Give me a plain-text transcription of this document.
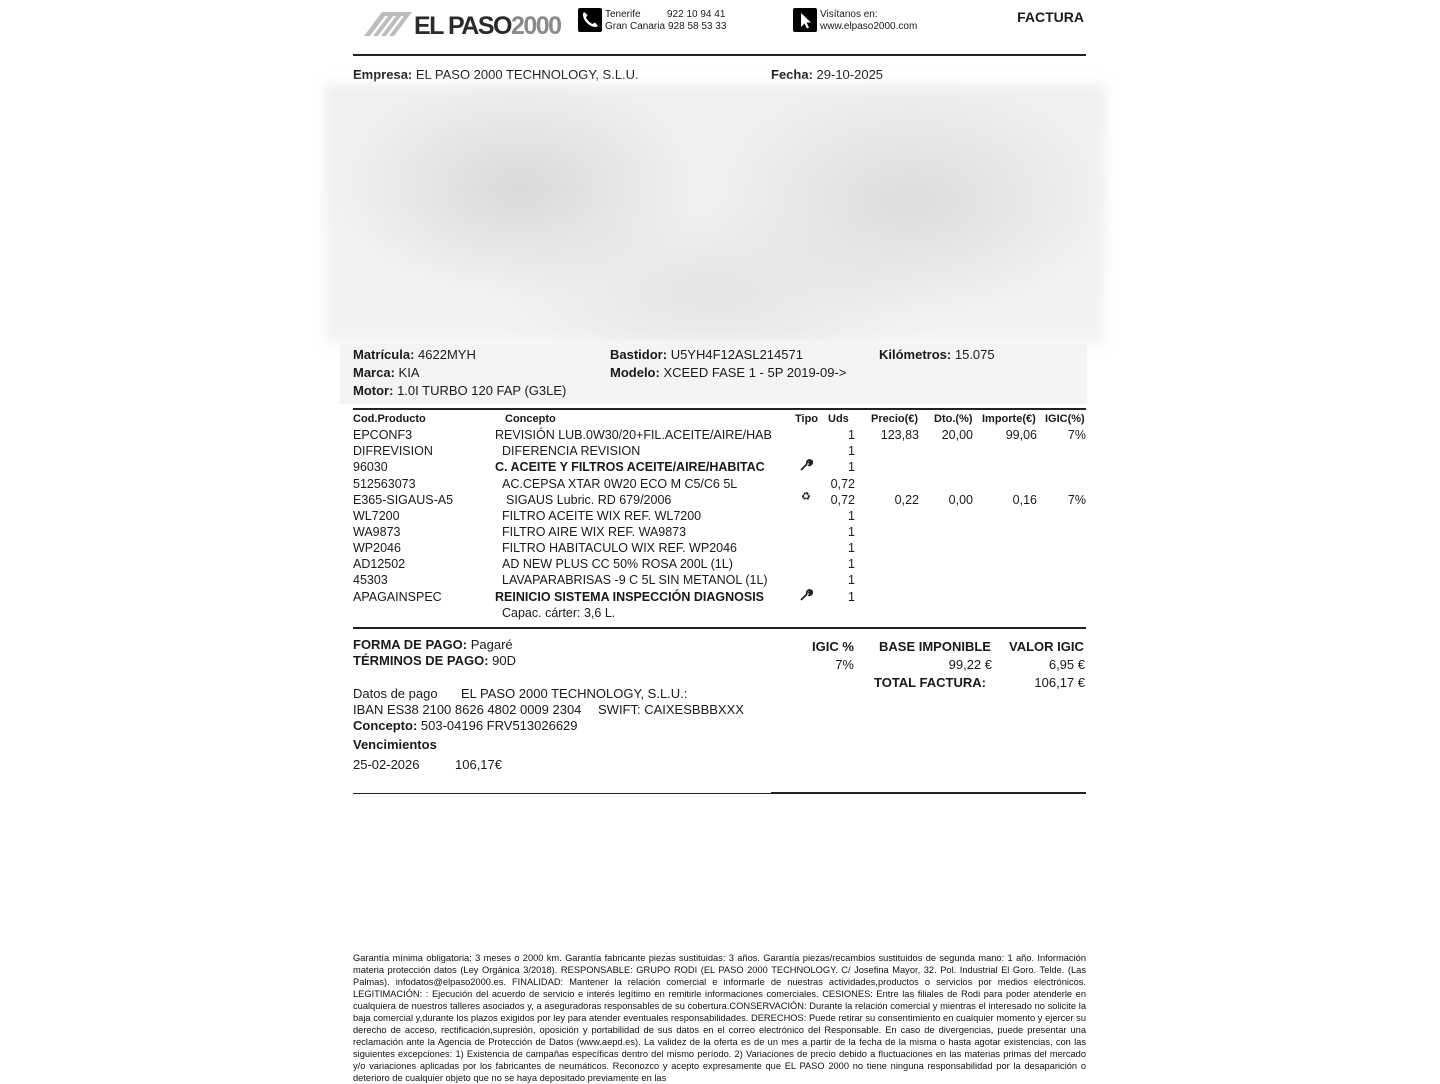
EL PASO2000	Tenerife	922 10 94 41
Gran Canaria 928 58 53 33
Visítanos en:
www.elpaso2000.com
FACTURA
Empresa: EL PASO 2000 TECHNOLOGY, S.L.U.	Fecha: 29-10-2025
Matrícula: 4622MYH	Bastidor: U5YH4F12ASL214571	Kilómetros: 15.075
Marca: KIA	Modelo: XCEED FASE 1 - 5P 2019-09->
Motor: 1.0I TURBO 120 FAP (G3LE)
Cod.Producto	Concepto	Tipo Uds Precio(€) Dto.(%) Importe(€) IGIC(%)
EPCONF3	REVISIÓN LUB.0W30/20+FIL.ACEITE/AIRE/HAB	1	123,83	20,00	99,06	7%
DIFREVISION	DIFERENCIA REVISION	1
96030	C. ACEITE Y FILTROS ACEITE/AIRE/HABITAC	1
512563073	AC.CEPSA XTAR 0W20 ECO M C5/C6 5L	0,72
E365-SIGAUS-A5	SIGAUS Lubric. RD 679/2006	♻	0,72	0,22	0,00	0,16	7%
WL7200	FILTRO ACEITE WIX REF. WL7200	1
WA9873	FILTRO AIRE WIX REF. WA9873	1
WP2046	FILTRO HABITACULO WIX REF. WP2046	1
AD12502	AD NEW PLUS CC 50% ROSA 200L (1L)	1
45303	LAVAPARABRISAS -9 C 5L SIN METANOL (1L)	1
APAGAINSPEC	REINICIO SISTEMA INSPECCIÓN DIAGNOSIS	1
Capac. cárter: 3,6 L.
FORMA DE PAGO: Pagaré
TÉRMINOS DE PAGO: 90D
Datos de pago EL PASO 2000 TECHNOLOGY, S.L.U.:
IBAN ES38 2100 8626 4802 0009 2304 SWIFT: CAIXESBBBXXX
Concepto: 503-04196 FRV513026629
Vencimientos
25-02-2026	106,17€
IGIC % BASE IMPONIBLE VALOR IGIC
7%	99,22 €	6,95 €
TOTAL FACTURA:	106,17 €
Garantía mínima obligatoria: 3 meses o 2000 km. Garantía fabricante piezas sustituidas: 3 años. Garantía piezas/recambios sustituidos de segunda mano: 1 año. Información materia protección datos (Ley Orgánica 3/2018). RESPONSABLE: GRUPO RODI (EL PASO 2000 TECHNOLOGY. C/ Josefina Mayor, 32. Pol. Industrial El Goro. Telde. (Las Palmas). infodatos@elpaso2000.es. FINALIDAD: Mantener la relación comercial e informarle de nuestras actividades,productos o servicios por medios electrónicos. LEGITIMACIÓN: : Ejecución del acuerdo de servicio e interés legítimo en remitirle informaciones comerciales. CESIONES: Entre las filiales de Rodi para poder atenderle en cualquiera de nuestros talleres asociados y, a aseguradoras responsables de su cobertura.CONSERVACIÓN: Durante la relación comercial y mientras el interesado no solicite la baja comercial y,durante los plazos exigidos por ley para atender eventuales responsabilidades. DERECHOS: Puede retirar su consentimiento en cualquier momento y ejercer su derecho de acceso, rectificación,supresión, oposición y portabilidad de sus datos en el correo electrónico del Responsable. En caso de divergencias, puede presentar una reclamación ante la Agencia de Protección de Datos (www.aepd.es). La validez de la oferta es de un mes a partir de la fecha de la misma o hasta agotar existencias, con las siguientes excepciones: 1) Existencia de campañas específicas dentro del mismo período. 2) Variaciones de precio debido a fluctuaciones en las materias primas del mercado y/o variaciones aplicadas por los fabricantes de neumáticos. Reconozco y acepto expresamente que EL PASO 2000 no tiene ninguna responsabilidad por la desaparición o deterioro de cualquier objeto que no se haya depositado previamente en las
